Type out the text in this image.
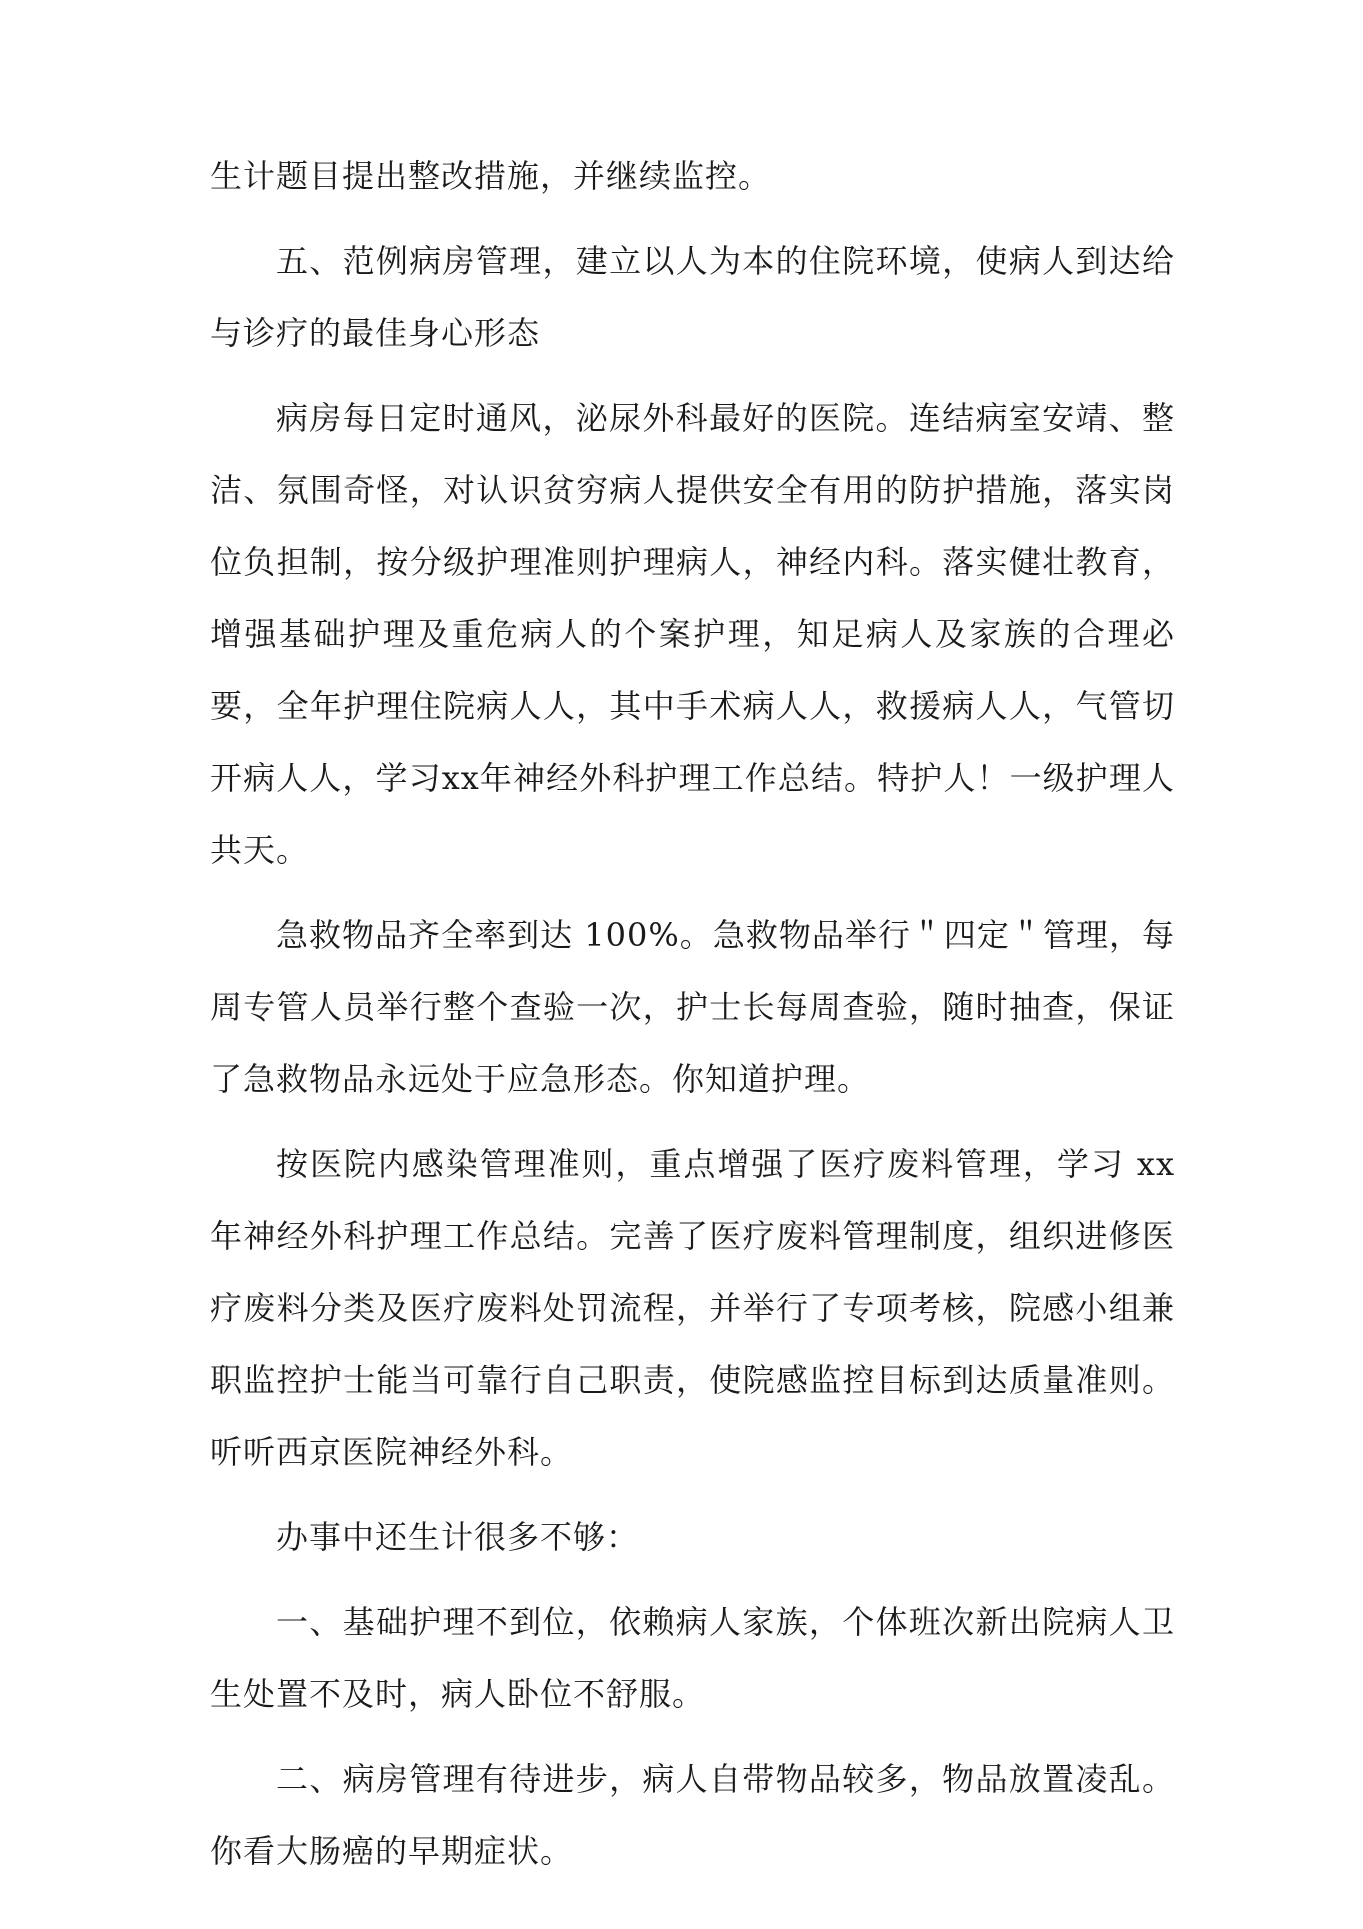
生计题目提出整改措施，并继续监控。

五、范例病房管理，建立以人为本的住院环境，使病人到达给与诊疗的最佳身心形态

病房每日定时通风，泌尿外科最好的医院。连结病室安靖、整洁、氛围奇怪，对认识贫穷病人提供安全有用的防护措施，落实岗位负担制，按分级护理准则护理病人，神经内科。落实健壮教育，增强基础护理及重危病人的个案护理，知足病人及家族的合理必要，全年护理住院病人人，其中手术病人人，救援病人人，气管切开病人人，学习xx年神经外科护理工作总结。特护人！一级护理人共天。

急救物品齐全率到达 100%。急救物品举行＂四定＂管理，每周专管人员举行整个查验一次，护士长每周查验，随时抽查，保证了急救物品永远处于应急形态。你知道护理。

按医院内感染管理准则，重点增强了医疗废料管理，学习 xx 年神经外科护理工作总结。完善了医疗废料管理制度，组织进修医疗废料分类及医疗废料处罚流程，并举行了专项考核，院感小组兼职监控护士能当可靠行自己职责，使院感监控目标到达质量准则。听听西京医院神经外科。

办事中还生计很多不够：

一、基础护理不到位，依赖病人家族，个体班次新出院病人卫生处置不及时，病人卧位不舒服。

二、病房管理有待进步，病人自带物品较多，物品放置凌乱。你看大肠癌的早期症状。
